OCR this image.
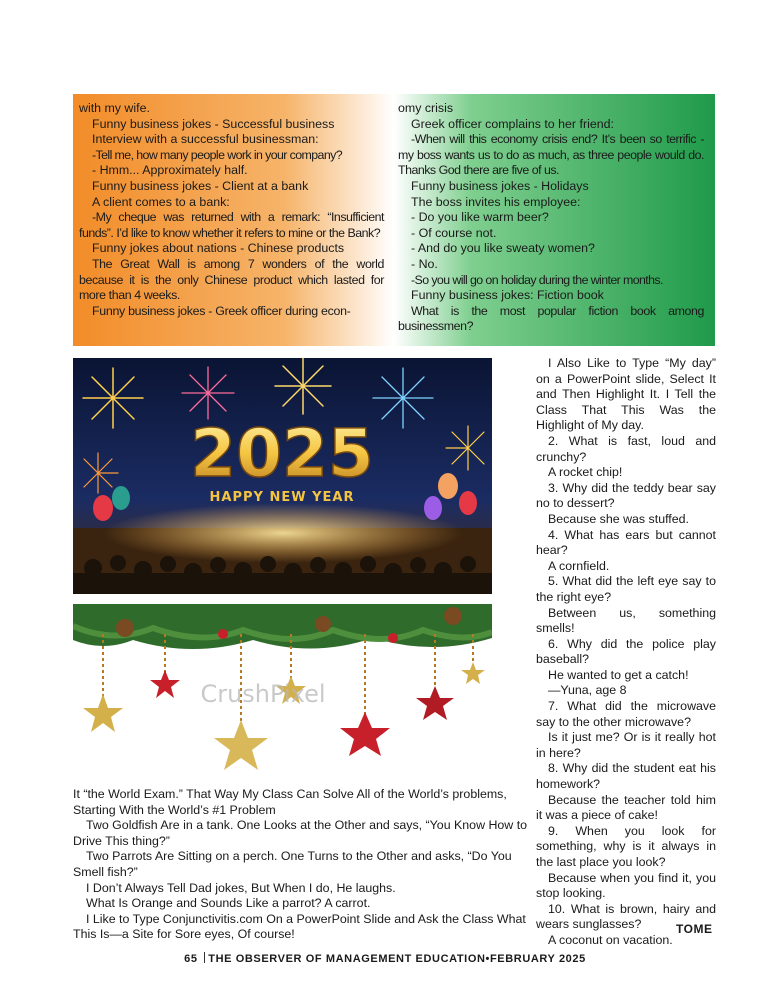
with my wife.

Funny business jokes - Successful business

Interview with a successful businessman:

-Tell me, how many people work in your company?

- Hmm... Approximately half.

Funny business jokes - Client at a bank

A client comes to a bank:

-My cheque was returned with a remark: “Insufficient funds”. I’d like to know whether it refers to mine or the Bank?

Funny jokes about nations - Chinese products

The Great Wall is among 7 wonders of the world because it is the only Chinese product which lasted for more than 4 weeks.

Funny business jokes - Greek officer during econ-

omy crisis

Greek officer complains to her friend:

-When will this economy crisis end? It’s been so terrific - my boss wants us to do as much, as three people would do. Thanks God there are five of us.

Funny business jokes - Holidays

The boss invites his employee:

- Do you like warm beer?

- Of course not.

- And do you like sweaty women?

- No.

-So you will go on holiday during the winter months.

Funny business jokes: Fiction book

What is the most popular fiction book among businessmen?

2025
HAPPY NEW YEAR
CrushPixel

I Also Like to Type “My day” on a PowerPoint slide, Select It and Then Highlight It. I Tell the Class That This Was the Highlight of My day.

2. What is fast, loud and crunchy?

A rocket chip!

3. Why did the teddy bear say no to dessert?

Because she was stuffed.

4. What has ears but cannot hear?

A cornfield.

5. What did the left eye say to the right eye?

Between us, something smells!

6. Why did the police play baseball?

He wanted to get a catch!

—Yuna, age 8

7. What did the microwave say to the other microwave?

Is it just me? Or is it really hot in here?

8. Why did the student eat his homework?

Because the teacher told him it was a piece of cake!

9. When you look for something, why is it always in the last place you look?

Because when you find it, you stop looking.

10. What is brown, hairy and wears sunglasses?

A coconut on vacation.

It “the World Exam.” That Way My Class Can Solve All of the World’s problems, Starting With the World’s #1 Problem

Two Goldfish Are in a tank. One Looks at the Other and says, “You Know How to Drive This thing?”

Two Parrots Are Sitting on a perch. One Turns to the Other and asks, “Do You Smell fish?”

I Don’t Always Tell Dad jokes, But When I do, He laughs.

What Is Orange and Sounds Like a parrot? A carrot.

I Like to Type Conjunctivitis.com On a PowerPoint Slide and Ask the Class What This Is—a Site for Sore eyes, Of course!	TOME
65 THE OBSERVER OF MANAGEMENT EDUCATION•FEBRUARY 2025
